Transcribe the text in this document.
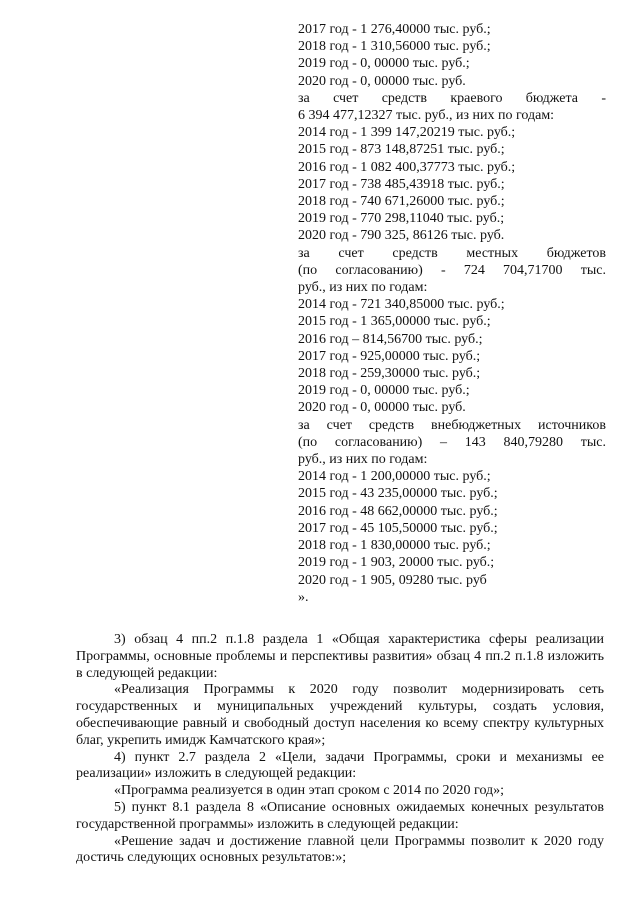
2017 год - 1 276,40000 тыс. руб.;
2018 год - 1 310,56000 тыс. руб.;
2019 год - 0, 00000 тыс. руб.;
2020 год - 0, 00000 тыс. руб.
за счет средств краевого бюджета -
6 394 477,12327 тыс. руб., из них по годам:
2014 год - 1 399 147,20219 тыс. руб.;
2015 год - 873 148,87251 тыс. руб.;
2016 год - 1 082 400,37773 тыс. руб.;
2017 год - 738 485,43918 тыс. руб.;
2018 год - 740 671,26000 тыс. руб.;
2019 год - 770 298,11040 тыс. руб.;
2020 год - 790 325, 86126 тыс. руб.
за счет средств местных бюджетов
(по согласованию) - 724 704,71700 тыс.
руб., из них по годам:
2014 год - 721 340,85000 тыс. руб.;
2015 год - 1 365,00000 тыс. руб.;
2016 год – 814,56700 тыс. руб.;
2017 год - 925,00000 тыс. руб.;
2018 год - 259,30000 тыс. руб.;
2019 год - 0, 00000 тыс. руб.;
2020 год - 0, 00000 тыс. руб.
за счет средств внебюджетных источников
(по согласованию) – 143 840,79280 тыс.
руб., из них по годам:
2014 год - 1 200,00000 тыс. руб.;
2015 год - 43 235,00000 тыс. руб.;
2016 год - 48 662,00000 тыс. руб.;
2017 год - 45 105,50000 тыс. руб.;
2018 год - 1 830,00000 тыс. руб.;
2019 год - 1 903, 20000 тыс. руб.;
2020 год - 1 905, 09280 тыс. руб
».

3) обзац 4 пп.2 п.1.8 раздела 1 «Общая характеристика сферы реализации Программы, основные проблемы и перспективы развития» обзац 4 пп.2 п.1.8 изложить в следующей редакции:

«Реализация Программы к 2020 году позволит модернизировать сеть государственных и муниципальных учреждений культуры, создать условия, обеспечивающие равный и свободный доступ населения ко всему спектру культурных благ, укрепить имидж Камчатского края»;

4) пункт 2.7 раздела 2 «Цели, задачи Программы, сроки и механизмы ее реализации» изложить в следующей редакции:

«Программа реализуется в один этап сроком с 2014 по 2020 год»;

5) пункт 8.1 раздела 8 «Описание основных ожидаемых конечных результатов государственной программы» изложить в следующей редакции:

«Решение задач и достижение главной цели Программы позволит к 2020 году достичь следующих основных результатов:»;
